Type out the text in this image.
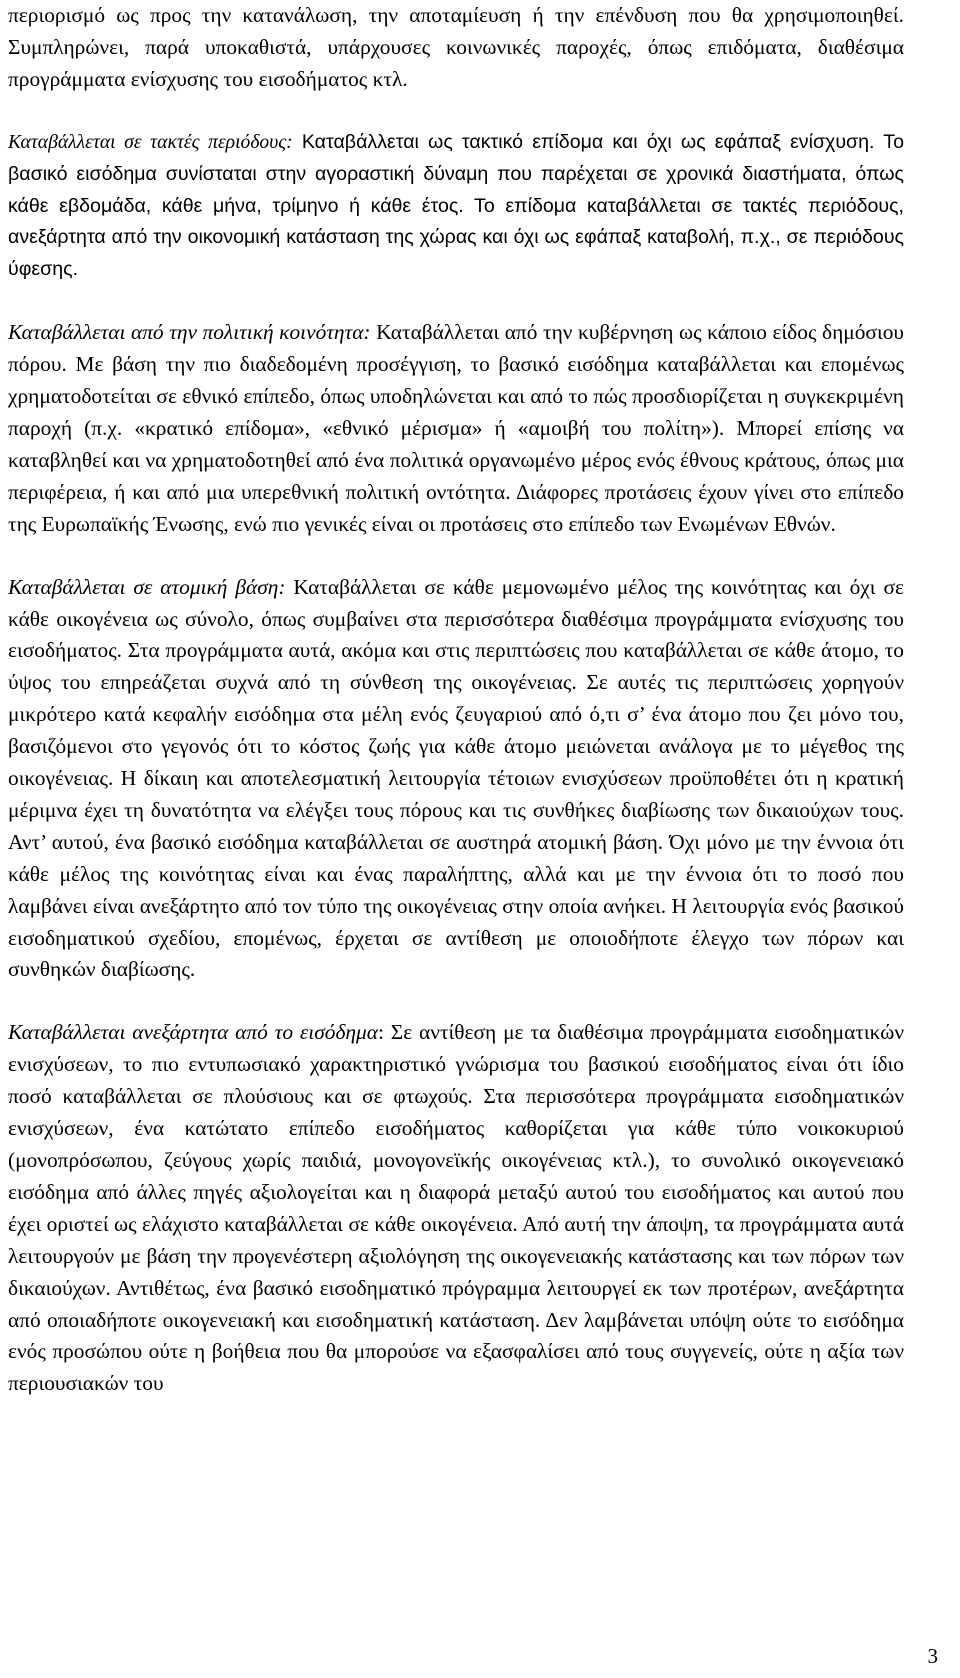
περιορισμό ως προς την κατανάλωση, την αποταμίευση ή την επένδυση που θα χρησιμοποιηθεί. Συμπληρώνει, παρά υποκαθιστά, υπάρχουσες κοινωνικές παροχές, όπως επιδόματα, διαθέσιμα προγράμματα ενίσχυσης του εισοδήματος κτλ.

Καταβάλλεται σε τακτές περιόδους: Καταβάλλεται ως τακτικό επίδομα και όχι ως εφάπαξ ενίσχυση. Το βασικό εισόδημα συνίσταται στην αγοραστική δύναμη που παρέχεται σε χρονικά διαστήματα, όπως κάθε εβδομάδα, κάθε μήνα, τρίμηνο ή κάθε έτος. Το επίδομα καταβάλλεται σε τακτές περιόδους, ανεξάρτητα από την οικονομική κατάσταση της χώρας και όχι ως εφάπαξ καταβολή, π.χ., σε περιόδους ύφεσης.

Καταβάλλεται από την πολιτική κοινότητα: Καταβάλλεται από την κυβέρνηση ως κάποιο είδος δημόσιου πόρου. Με βάση την πιο διαδεδομένη προσέγγιση, το βασικό εισόδημα καταβάλλεται και επομένως χρηματοδοτείται σε εθνικό επίπεδο, όπως υποδηλώνεται και από το πώς προσδιορίζεται η συγκεκριμένη παροχή (π.χ. «κρατικό επίδομα», «εθνικό μέρισμα» ή «αμοιβή του πολίτη»). Μπορεί επίσης να καταβληθεί και να χρηματοδοτηθεί από ένα πολιτικά οργανωμένο μέρος ενός έθνους κράτους, όπως μια περιφέρεια, ή και από μια υπερεθνική πολιτική οντότητα. Διάφορες προτάσεις έχουν γίνει στο επίπεδο της Ευρωπαϊκής Ένωσης, ενώ πιο γενικές είναι οι προτάσεις στο επίπεδο των Ενωμένων Εθνών.

Καταβάλλεται σε ατομική βάση: Καταβάλλεται σε κάθε μεμονωμένο μέλος της κοινότητας και όχι σε κάθε οικογένεια ως σύνολο, όπως συμβαίνει στα περισσότερα διαθέσιμα προγράμματα ενίσχυσης του εισοδήματος. Στα προγράμματα αυτά, ακόμα και στις περιπτώσεις που καταβάλλεται σε κάθε άτομο, το ύψος του επηρεάζεται συχνά από τη σύνθεση της οικογένειας. Σε αυτές τις περιπτώσεις χορηγούν μικρότερο κατά κεφαλήν εισόδημα στα μέλη ενός ζευγαριού από ό,τι σ’ ένα άτομο που ζει μόνο του, βασιζόμενοι στο γεγονός ότι το κόστος ζωής για κάθε άτομο μειώνεται ανάλογα με το μέγεθος της οικογένειας. Η δίκαιη και αποτελεσματική λειτουργία τέτοιων ενισχύσεων προϋποθέτει ότι η κρατική μέριμνα έχει τη δυνατότητα να ελέγξει τους πόρους και τις συνθήκες διαβίωσης των δικαιούχων τους. Αντ’ αυτού, ένα βασικό εισόδημα καταβάλλεται σε αυστηρά ατομική βάση. Όχι μόνο με την έννοια ότι κάθε μέλος της κοινότητας είναι και ένας παραλήπτης, αλλά και με την έννοια ότι το ποσό που λαμβάνει είναι ανεξάρτητο από τον τύπο της οικογένειας στην οποία ανήκει. Η λειτουργία ενός βασικού εισοδηματικού σχεδίου, επομένως, έρχεται σε αντίθεση με οποιοδήποτε έλεγχο των πόρων και συνθηκών διαβίωσης.

Καταβάλλεται ανεξάρτητα από το εισόδημα: Σε αντίθεση με τα διαθέσιμα προγράμματα εισοδηματικών ενισχύσεων, το πιο εντυπωσιακό χαρακτηριστικό γνώρισμα του βασικού εισοδήματος είναι ότι ίδιο ποσό καταβάλλεται σε πλούσιους και σε φτωχούς. Στα περισσότερα προγράμματα εισοδηματικών ενισχύσεων, ένα κατώτατο επίπεδο εισοδήματος καθορίζεται για κάθε τύπο νοικοκυριού (μονοπρόσωπου, ζεύγους χωρίς παιδιά, μονογονεϊκής οικογένειας κτλ.), το συνολικό οικογενειακό εισόδημα από άλλες πηγές αξιολογείται και η διαφορά μεταξύ αυτού του εισοδήματος και αυτού που έχει οριστεί ως ελάχιστο καταβάλλεται σε κάθε οικογένεια. Από αυτή την άποψη, τα προγράμματα αυτά λειτουργούν με βάση την προγενέστερη αξιολόγηση της οικογενειακής κατάστασης και των πόρων των δικαιούχων. Αντιθέτως, ένα βασικό εισοδηματικό πρόγραμμα λειτουργεί εκ των προτέρων, ανεξάρτητα από οποιαδήποτε οικογενειακή και εισοδηματική κατάσταση. Δεν λαμβάνεται υπόψη ούτε το εισόδημα ενός προσώπου ούτε η βοήθεια που θα μπορούσε να εξασφαλίσει από τους συγγενείς, ούτε η αξία των περιουσιακών του

3
